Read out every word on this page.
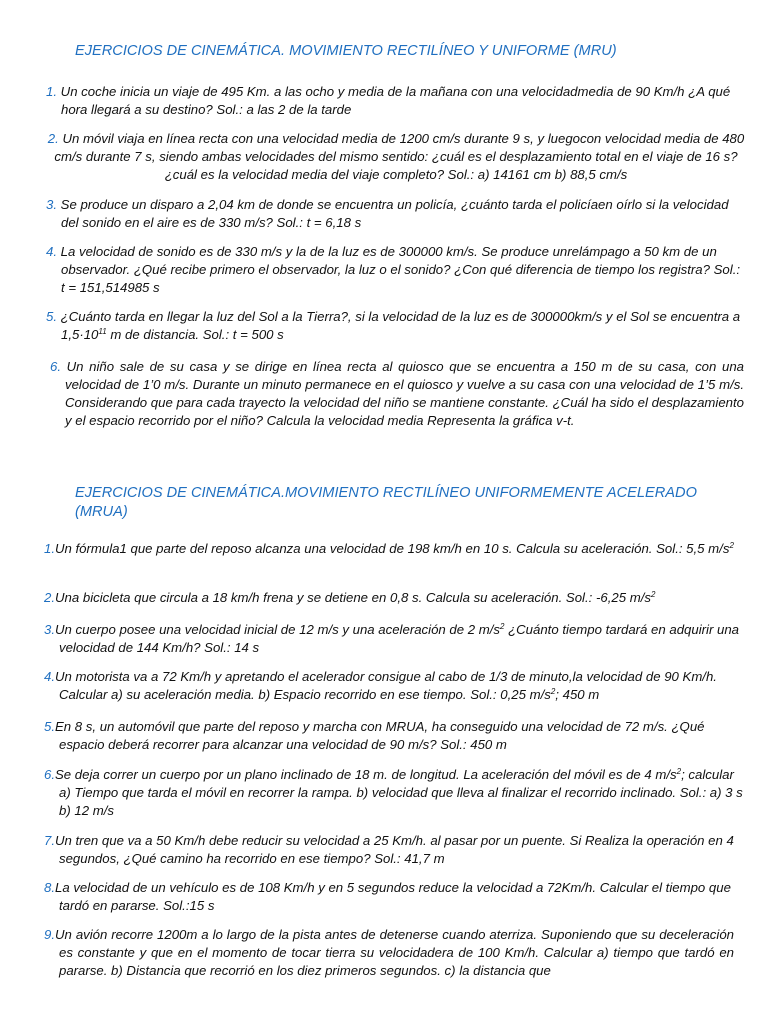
EJERCICIOS DE CINEMÁTICA. MOVIMIENTO RECTILÍNEO Y UNIFORME (MRU)
1. Un coche inicia un viaje de 495 Km. a las ocho y media de la mañana con una velocidadmedia de 90 Km/h ¿A qué hora llegará a su destino? Sol.: a las 2 de la tarde
2. Un móvil viaja en línea recta con una velocidad media de 1200 cm/s durante 9 s, y luegocon velocidad media de 480 cm/s durante 7 s, siendo ambas velocidades del mismo sentido: ¿cuál es el desplazamiento total en el viaje de 16 s? ¿cuál es la velocidad media del viaje completo? Sol.: a) 14161 cm b) 88,5 cm/s
3. Se produce un disparo a 2,04 km de donde se encuentra un policía, ¿cuánto tarda el policíaen oírlo si la velocidad del sonido en el aire es de 330 m/s? Sol.: t = 6,18 s
4. La velocidad de sonido es de 330 m/s y la de la luz es de 300000 km/s. Se produce unrelámpago a 50 km de un observador. ¿Qué recibe primero el observador, la luz o el sonido? ¿Con qué diferencia de tiempo los registra? Sol.: t = 151,514985 s
5. ¿Cuánto tarda en llegar la luz del Sol a la Tierra?, si la velocidad de la luz es de 300000km/s y el Sol se encuentra a $1,5\cdot 10^{11}$ m de distancia. Sol.: t = 500 s
6. Un niño sale de su casa y se dirige en línea recta al quiosco que se encuentra a 150 m de su casa, con una velocidad de 1’0 m/s. Durante un minuto permanece en el quiosco y vuelve a su casa con una velocidad de 1’5 m/s. Considerando que para cada trayecto la velocidad del niño se mantiene constante. ¿Cuál ha sido el desplazamiento y el espacio recorrido por el niño? Calcula la velocidad media Representa la gráfica v-t.
EJERCICIOS DE CINEMÁTICA.MOVIMIENTO RECTILÍNEO UNIFORMEMENTE ACELERADO (MRUA)
1.Un fórmula1 que parte del reposo alcanza una velocidad de 198 km/h en 10 s. Calcula su aceleración. Sol.: 5,5 $m/s^2$
2.Una bicicleta que circula a 18 km/h frena y se detiene en 0,8 s. Calcula su aceleración. Sol.: -6,25 $m/s^2$
3.Un cuerpo posee una velocidad inicial de 12 m/s y una aceleración de 2 $m/s^2$ ¿Cuánto tiempo tardará en adquirir una velocidad de 144 Km/h? Sol.: 14 s
4.Un motorista va a 72 Km/h y apretando el acelerador consigue al cabo de 1/3 de minuto,la velocidad de 90 Km/h. Calcular a) su aceleración media. b) Espacio recorrido en ese tiempo. Sol.: 0,25 $m/s^2$; 450 m
5.En 8 s, un automóvil que parte del reposo y marcha con MRUA, ha conseguido una velocidad de 72 m/s. ¿Qué espacio deberá recorrer para alcanzar una velocidad de 90 m/s? Sol.: 450 m
6.Se deja correr un cuerpo por un plano inclinado de 18 m. de longitud. La aceleración del móvil es de 4 $m/s^2$; calcular a) Tiempo que tarda el móvil en recorrer la rampa. b) velocidad que lleva al finalizar el recorrido inclinado. Sol.: a) 3 s b) 12 m/s
7.Un tren que va a 50 Km/h debe reducir su velocidad a 25 Km/h. al pasar por un puente. Si Realiza la operación en 4 segundos, ¿Qué camino ha recorrido en ese tiempo? Sol.: 41,7 m
8.La velocidad de un vehículo es de 108 Km/h y en 5 segundos reduce la velocidad a 72Km/h. Calcular el tiempo que tardó en pararse. Sol.:15 s
9.Un avión recorre 1200m a lo largo de la pista antes de detenerse cuando aterriza. Suponiendo que su deceleración es constante y que en el momento de tocar tierra su velocidadera de 100 Km/h. Calcular a) tiempo que tardó en pararse. b) Distancia que recorrió en los diez primeros segundos. c) la distancia que
